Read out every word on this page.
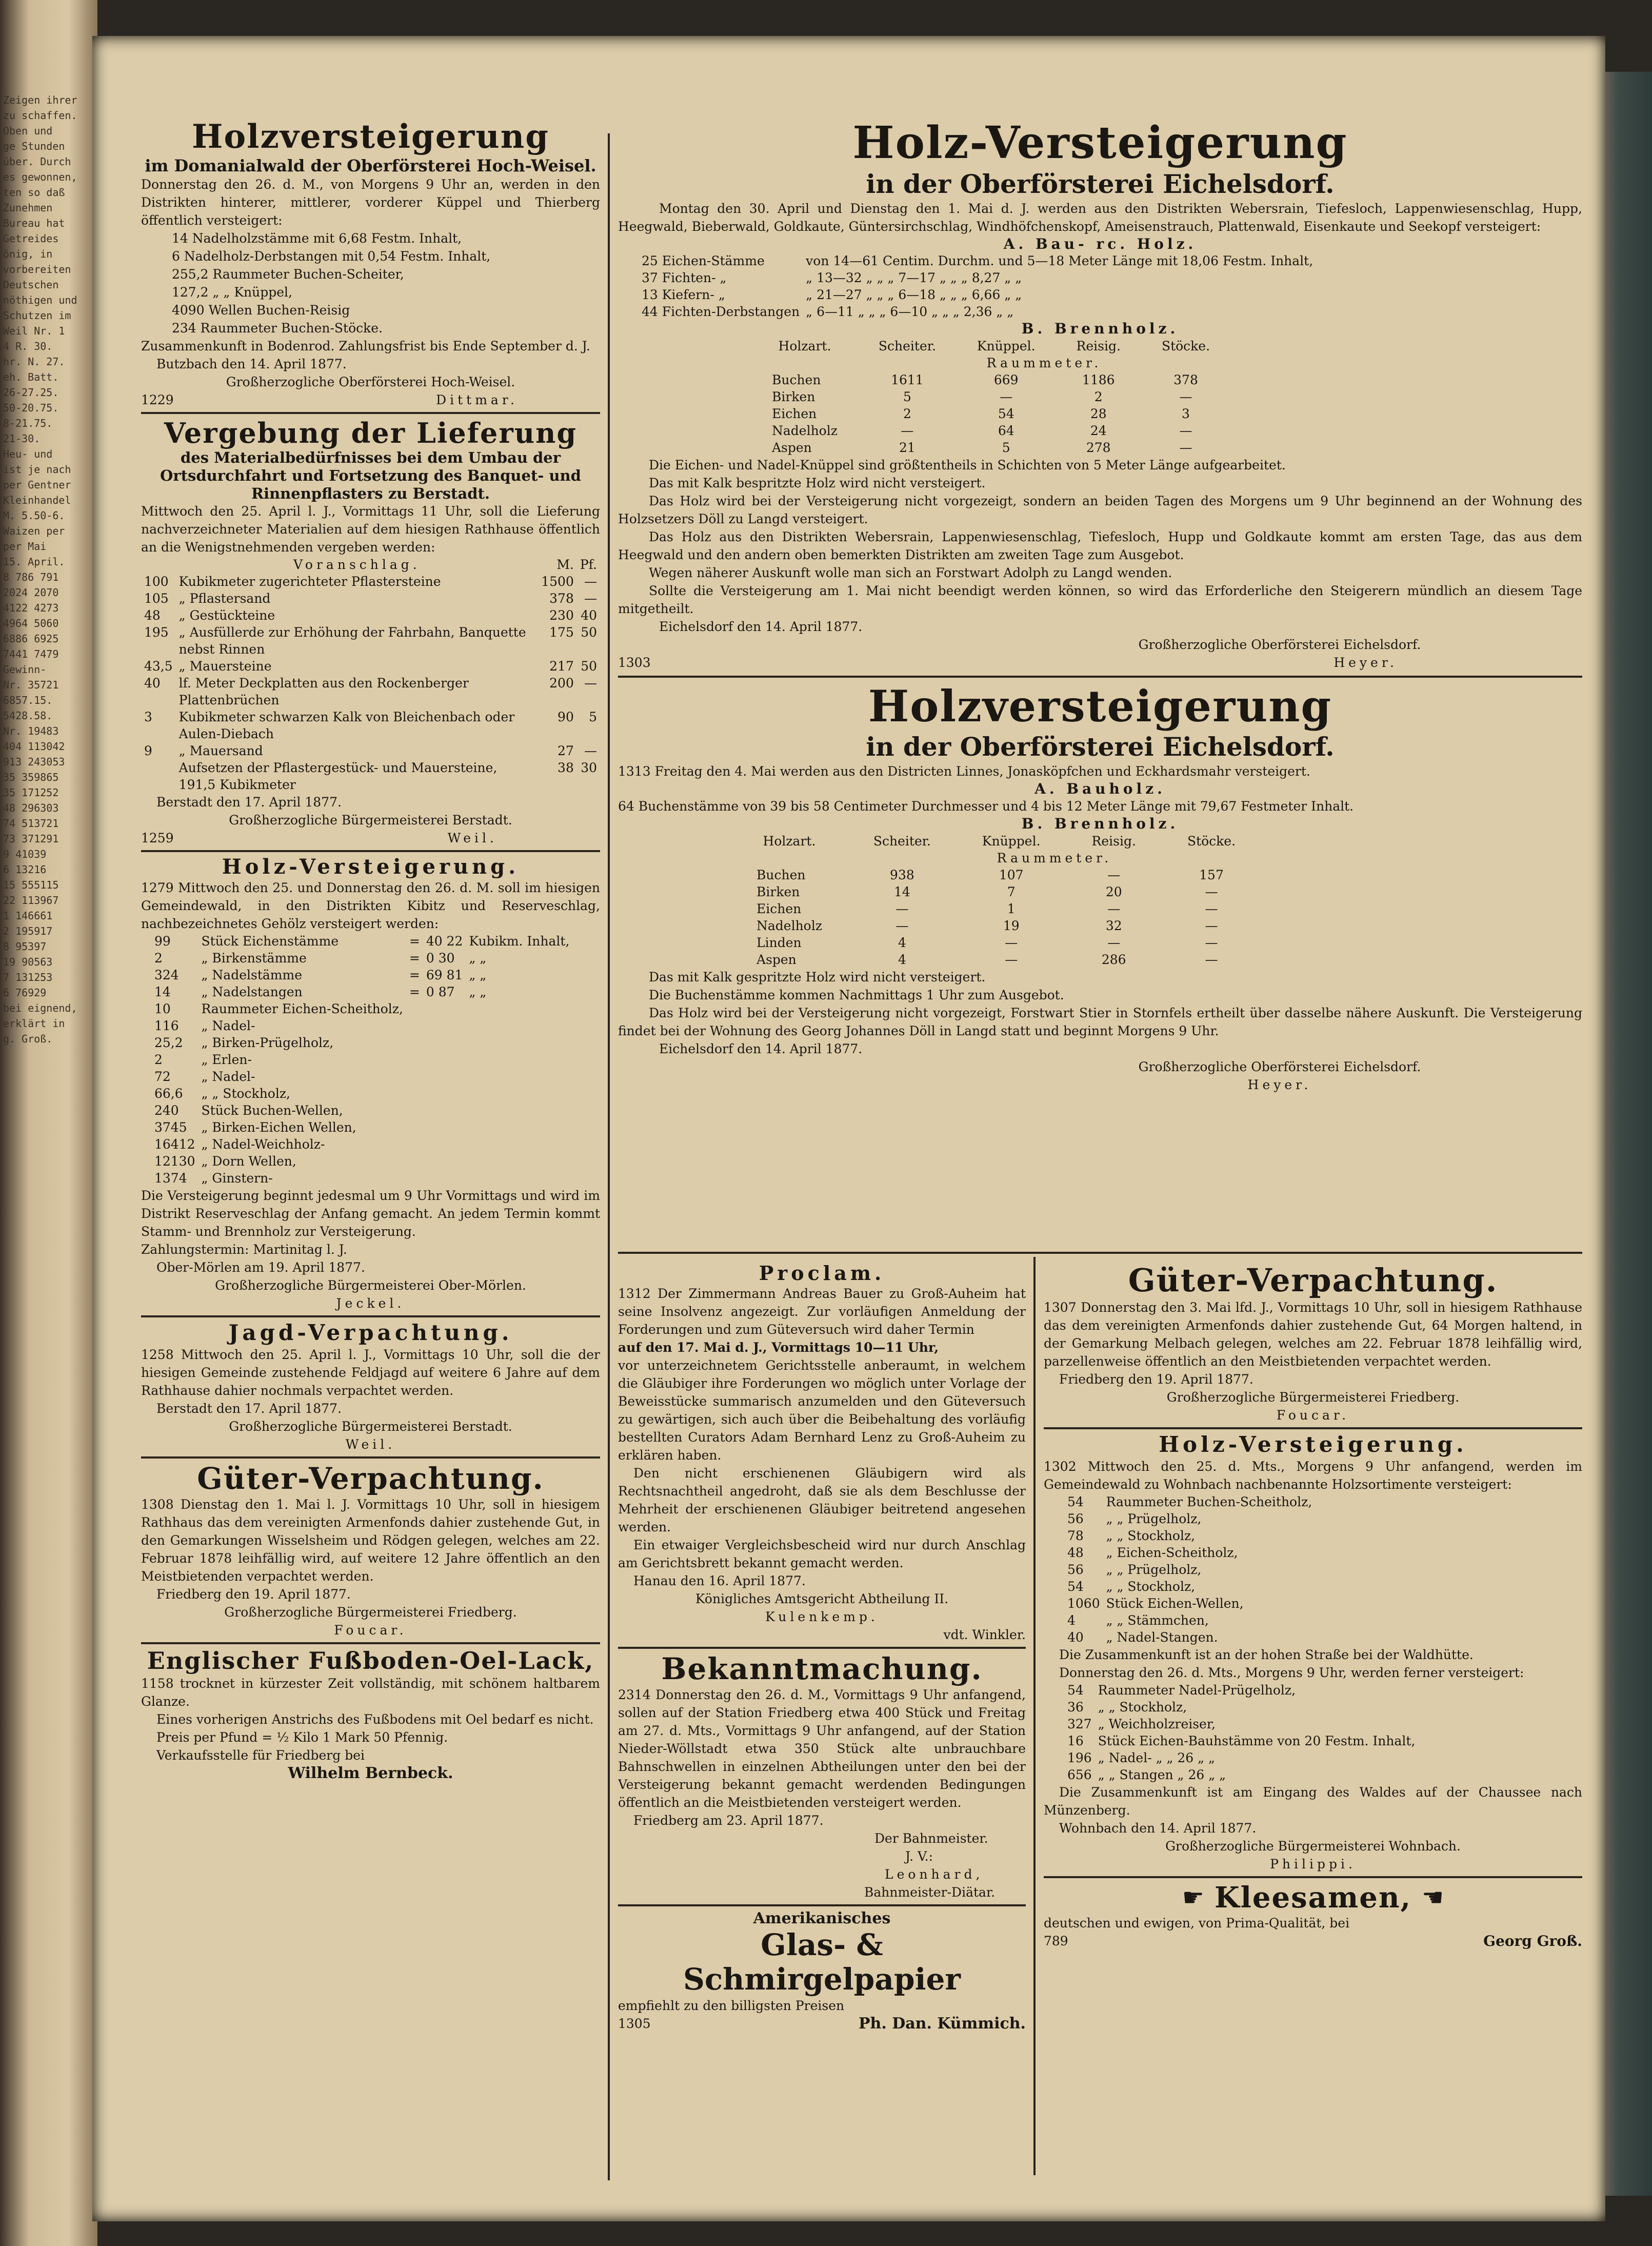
Zeigen ihrer
zu schaffen.
Oben und
ge Stunden
über. Durch
es gewonnen,
ten so daß
Zunehmen
Bureau hat
Getreides
önig, in
vorbereiten
Deutschen
nöthigen und
Schutzen im
Weil Nr. 1
4 R. 30.
hr. N. 27.
eh. Batt.
26-27.25.
50-20.75.
8-21.75.
21-30.
Heu- und
ist je nach
per Gentner
Kleinhandel
M. 5.50-6.
Waizen per
per Mai
15. April.
8 786 791
2024 2070
4122 4273
4964 5060
6886 6925
7441 7479
Gewinn-
Nr. 35721
6857.15.
5428.58.
Nr. 19483
404 113042
913 243053
35 359865
35 171252
48 296303
74 513721
73 371291
9 41039
6 13216
15 555115
22 113967
1 146661
2 195917
8 95397
19 90563
7 131253
6 76929
bei eignend,
erklärt in
g. Groß.
Holzversteigerung
im Domanialwald der Oberförsterei Hoch-Weisel.
Donnerstag den 26. d. M., von Morgens 9 Uhr an, werden in den Distrikten hinterer, mittlerer, vorderer Küppel und Thierberg öffentlich versteigert:
14 Nadelholzstämme mit 6,68 Festm. Inhalt,
6 Nadelholz-Derbstangen mit 0,54 Festm. Inhalt,
255,2 Raummeter Buchen-Scheiter,
127,2 „ „ Knüppel,
4090 Wellen Buchen-Reisig
234 Raummeter Buchen-Stöcke.
Zusammenkunft in Bodenrod. Zahlungsfrist bis Ende September d. J.
Butzbach den 14. April 1877.
Großherzogliche Oberförsterei Hoch-Weisel.
1229	Dittmar.
Vergebung der Lieferung
des Materialbedürfnisses bei dem Umbau der Ortsdurchfahrt und Fortsetzung des Banquet- und Rinnenpflasters zu Berstadt.
Mittwoch den 25. April l. J., Vormittags 11 Uhr, soll die Lieferung nachverzeichneter Materialien auf dem hiesigen Rathhause öffentlich an die Wenigstnehmenden vergeben werden:
	Voranschlag.	M.	Pf.
100	Kubikmeter zugerichteter Pflastersteine	1500	—
105	„ Pflastersand	378	—
48	„ Gestückteine	230	40
195	„ Ausfüllerde zur Erhöhung der Fahrbahn, Banquette nebst Rinnen	175	50
43,5	„ Mauersteine	217	50
40	lf. Meter Deckplatten aus den Rockenberger Plattenbrüchen	200	—
3	Kubikmeter schwarzen Kalk von Bleichenbach oder Aulen-Diebach	90	5
9	„ Mauersand	27	—
	Aufsetzen der Pflastergestück- und Mauersteine, 191,5 Kubikmeter	38	30
Berstadt den 17. April 1877.
Großherzogliche Bürgermeisterei Berstadt.
1259	Weil.
Holz-Versteigerung.
1279 Mittwoch den 25. und Donnerstag den 26. d. M. soll im hiesigen Gemeindewald, in den Distrikten Kibitz und Reserveschlag, nachbezeichnetes Gehölz versteigert werden:
99	Stück Eichenstämme	=	40 22	Kubikm. Inhalt,
2	„ Birkenstämme	=	0 30	„ „
324	„ Nadelstämme	=	69 81	„ „
14	„ Nadelstangen	=	0 87	„ „
10	Raummeter Eichen-Scheitholz,			
116	„ Nadel-			
25,2	„ Birken-Prügelholz,			
2	„ Erlen-			
72	„ Nadel-			
66,6	„ „ Stockholz,			
240	Stück Buchen-Wellen,			
3745	„ Birken-Eichen Wellen,			
16412	„ Nadel-Weichholz-			
12130	„ Dorn Wellen,			
1374	„ Ginstern-			
Die Versteigerung beginnt jedesmal um 9 Uhr Vormittags und wird im Distrikt Reserveschlag der Anfang gemacht. An jedem Termin kommt Stamm- und Brennholz zur Versteigerung.
Zahlungstermin: Martinitag l. J.
Ober-Mörlen am 19. April 1877.
Großherzogliche Bürgermeisterei Ober-Mörlen.
Jeckel.
Jagd-Verpachtung.
1258 Mittwoch den 25. April l. J., Vormittags 10 Uhr, soll die der hiesigen Gemeinde zustehende Feldjagd auf weitere 6 Jahre auf dem Rathhause dahier nochmals verpachtet werden.
Berstadt den 17. April 1877.
Großherzogliche Bürgermeisterei Berstadt.
Weil.
Güter-Verpachtung.
1308 Dienstag den 1. Mai l. J. Vormittags 10 Uhr, soll in hiesigem Rathhaus das dem vereinigten Armenfonds dahier zustehende Gut, in den Gemarkungen Wisselsheim und Rödgen gelegen, welches am 22. Februar 1878 leihfällig wird, auf weitere 12 Jahre öffentlich an den Meistbietenden verpachtet werden.
Friedberg den 19. April 1877.
Großherzogliche Bürgermeisterei Friedberg.
Foucar.
Englischer Fußboden-Oel-Lack,
1158 trocknet in kürzester Zeit vollständig, mit schönem haltbarem Glanze.
Eines vorherigen Anstrichs des Fußbodens mit Oel bedarf es nicht.
Preis per Pfund = ½ Kilo 1 Mark 50 Pfennig.
Verkaufsstelle für Friedberg bei
Wilhelm Bernbeck.
Holz-Versteigerung
in der Oberförsterei Eichelsdorf.
Montag den 30. April und Dienstag den 1. Mai d. J. werden aus den Distrikten Webersrain, Tiefesloch, Lappenwiesenschlag, Hupp, Heegwald, Bieberwald, Goldkaute, Güntersirchschlag, Windhöfchenskopf, Ameisenstrauch, Plattenwald, Eisenkaute und Seekopf versteigert:
A. Bau- rc. Holz.
25 Eichen-Stämme	von 14—61 Centim. Durchm. und 5—18 Meter Länge mit 18,06 Festm. Inhalt,
37 Fichten- „	„ 13—32 „ „ „ 7—17 „ „ „ 8,27 „ „
13 Kiefern- „	„ 21—27 „ „ „ 6—18 „ „ „ 6,66 „ „
44 Fichten-Derbstangen	„ 6—11 „ „ „ 6—10 „ „ „ 2,36 „ „
B. Brennholz.
Holzart.	Scheiter.	Knüppel.	Reisig.	Stöcke.
	Raummeter.			
Buchen	1611	669	1186	378
Birken	5	—	2	—
Eichen	2	54	28	3
Nadelholz	—	64	24	—
Aspen	21	5	278	—
Die Eichen- und Nadel-Knüppel sind größtentheils in Schichten von 5 Meter Länge aufgearbeitet.
Das mit Kalk bespritzte Holz wird nicht versteigert.
Das Holz wird bei der Versteigerung nicht vorgezeigt, sondern an beiden Tagen des Morgens um 9 Uhr beginnend an der Wohnung des Holzsetzers Döll zu Langd versteigert.
Das Holz aus den Distrikten Webersrain, Lappenwiesenschlag, Tiefesloch, Hupp und Goldkaute kommt am ersten Tage, das aus dem Heegwald und den andern oben bemerkten Distrikten am zweiten Tage zum Ausgebot.
Wegen näherer Auskunft wolle man sich an Forstwart Adolph zu Langd wenden.
Sollte die Versteigerung am 1. Mai nicht beendigt werden können, so wird das Erforderliche den Steigerern mündlich an diesem Tage mitgetheilt.
Eichelsdorf den 14. April 1877.
Großherzogliche Oberförsterei Eichelsdorf.
1303	Heyer.
Holzversteigerung
in der Oberförsterei Eichelsdorf.
1313 Freitag den 4. Mai werden aus den Districten Linnes, Jonasköpfchen und Eckhardsmahr versteigert.
A. Bauholz.
64 Buchenstämme von 39 bis 58 Centimeter Durchmesser und 4 bis 12 Meter Länge mit 79,67 Festmeter Inhalt.
B. Brennholz.
Holzart.	Scheiter.	Knüppel.	Reisig.	Stöcke.
	Raummeter.			
Buchen	938	107	—	157
Birken	14	7	20	—
Eichen	—	1	—	—
Nadelholz	—	19	32	—
Linden	4	—	—	—
Aspen	4	—	286	—
Das mit Kalk gespritzte Holz wird nicht versteigert.
Die Buchenstämme kommen Nachmittags 1 Uhr zum Ausgebot.
Das Holz wird bei der Versteigerung nicht vorgezeigt, Forstwart Stier in Stornfels ertheilt über dasselbe nähere Auskunft. Die Versteigerung findet bei der Wohnung des Georg Johannes Döll in Langd statt und beginnt Morgens 9 Uhr.
Eichelsdorf den 14. April 1877.
Großherzogliche Oberförsterei Eichelsdorf.
Heyer.
Proclam.
1312 Der Zimmermann Andreas Bauer zu Groß-Auheim hat seine Insolvenz angezeigt. Zur vorläufigen Anmeldung der Forderungen und zum Güteversuch wird daher Termin
auf den 17. Mai d. J., Vormittags 10—11 Uhr,
vor unterzeichnetem Gerichtsstelle anberaumt, in welchem die Gläubiger ihre Forderungen wo möglich unter Vorlage der Beweisstücke summarisch anzumelden und den Güteversuch zu gewärtigen, sich auch über die Beibehaltung des vorläufig bestellten Curators Adam Bernhard Lenz zu Groß-Auheim zu erklären haben.
Den nicht erschienenen Gläubigern wird als Rechtsnachtheil angedroht, daß sie als dem Beschlusse der Mehrheit der erschienenen Gläubiger beitretend angesehen werden.
Ein etwaiger Vergleichsbescheid wird nur durch Anschlag am Gerichtsbrett bekannt gemacht werden.
Hanau den 16. April 1877.
Königliches Amtsgericht Abtheilung II.
Kulenkemp.
vdt. Winkler.
Bekanntmachung.
2314 Donnerstag den 26. d. M., Vormittags 9 Uhr anfangend, sollen auf der Station Friedberg etwa 400 Stück und Freitag am 27. d. Mts., Vormittags 9 Uhr anfangend, auf der Station Nieder-Wöllstadt etwa 350 Stück alte unbrauchbare Bahnschwellen in einzelnen Abtheilungen unter den bei der Versteigerung bekannt gemacht werdenden Bedingungen öffentlich an die Meistbietenden versteigert werden.
Friedberg am 23. April 1877.
Der Bahnmeister.
J. V.:
Leonhard,
Bahnmeister-Diätar.
Amerikanisches
Glas- & Schmirgelpapier
empfiehlt zu den billigsten Preisen
1305	Ph. Dan. Kümmich.
Güter-Verpachtung.
1307 Donnerstag den 3. Mai lfd. J., Vormittags 10 Uhr, soll in hiesigem Rathhause das dem vereinigten Armenfonds dahier zustehende Gut, 64 Morgen haltend, in der Gemarkung Melbach gelegen, welches am 22. Februar 1878 leihfällig wird, parzellenweise öffentlich an den Meistbietenden verpachtet werden.
Friedberg den 19. April 1877.
Großherzogliche Bürgermeisterei Friedberg.
Foucar.
Holz-Versteigerung.
1302 Mittwoch den 25. d. Mts., Morgens 9 Uhr anfangend, werden im Gemeindewald zu Wohnbach nachbenannte Holzsortimente versteigert:
54	Raummeter Buchen-Scheitholz,
56	„ „ Prügelholz,
78	„ „ Stockholz,
48	„ Eichen-Scheitholz,
56	„ „ Prügelholz,
54	„ „ Stockholz,
1060	Stück Eichen-Wellen,
4	„ „ Stämmchen,
40	„ Nadel-Stangen.
Die Zusammenkunft ist an der hohen Straße bei der Waldhütte.
Donnerstag den 26. d. Mts., Morgens 9 Uhr, werden ferner versteigert:
54	Raummeter Nadel-Prügelholz,
36	„ „ Stockholz,
327	„ Weichholzreiser,
16	Stück Eichen-Bauhstämme von 20 Festm. Inhalt,
196	„ Nadel- „ „ 26 „ „
656	„ „ Stangen „ 26 „ „
Die Zusammenkunft ist am Eingang des Waldes auf der Chaussee nach Münzenberg.
Wohnbach den 14. April 1877.
Großherzogliche Bürgermeisterei Wohnbach.
Philippi.
☛ Kleesamen, ☚
deutschen und ewigen, von Prima-Qualität, bei
789	Georg Groß.
